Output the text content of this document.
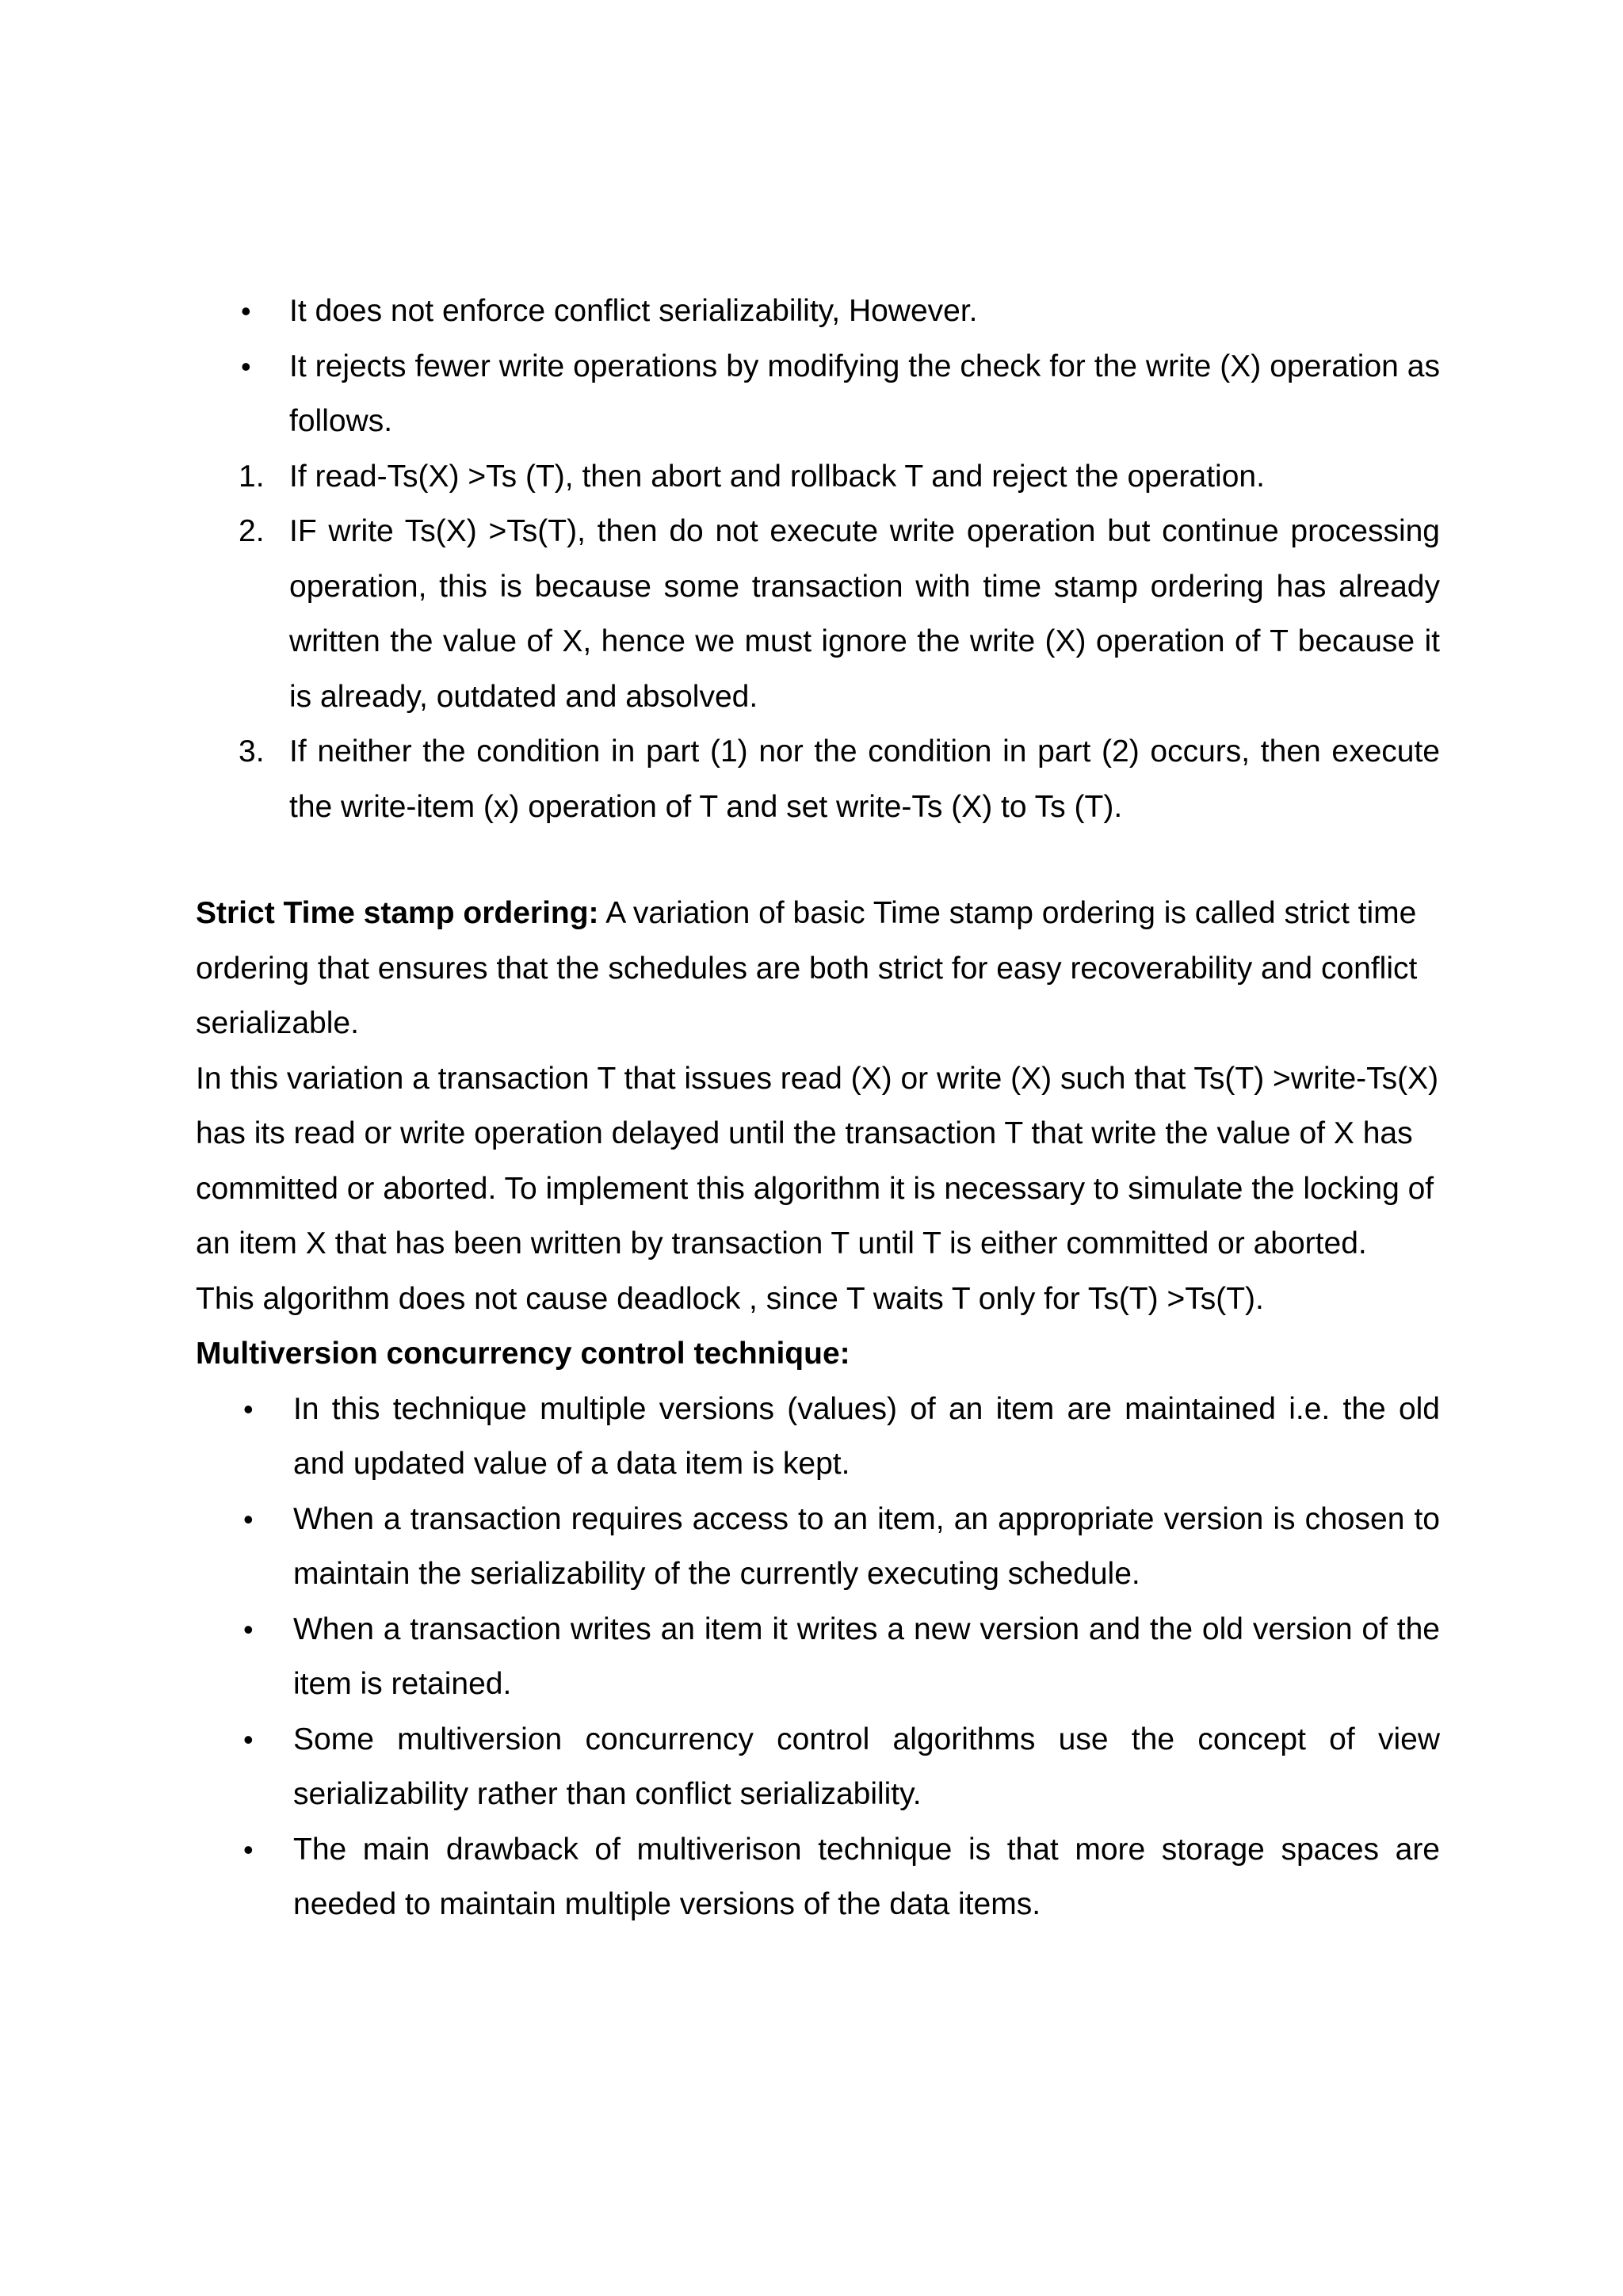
• It does not enforce conflict serializability, However.
• It rejects fewer write operations by modifying the check for the write (X) operation as follows.
1. If read-Ts(X) >Ts (T), then abort and rollback T and reject the operation.
2. IF write Ts(X) >Ts(T), then do not execute write operation but continue processing operation, this is because some transaction with time stamp ordering has already written the value of X, hence we must ignore the write (X) operation of T because it is already, outdated and absolved.
3. If neither the condition in part (1) nor the condition in part (2) occurs, then execute the write-item (x) operation of T and set write-Ts (X) to Ts (T).

Strict Time stamp ordering: A variation of basic Time stamp ordering is called strict time ordering that ensures that the schedules are both strict for easy recoverability and conflict serializable.

In this variation a transaction T that issues read (X) or write (X) such that Ts(T) >write-Ts(X) has its read or write operation delayed until the transaction T that write the value of X has committed or aborted. To implement this algorithm it is necessary to simulate the locking of an item X that has been written by transaction T until T is either committed or aborted.

This algorithm does not cause deadlock , since T waits T only for Ts(T) >Ts(T).

Multiversion concurrency control technique:

• In this technique multiple versions (values) of an item are maintained i.e. the old and updated value of a data item is kept.
• When a transaction requires access to an item, an appropriate version is chosen to maintain the serializability of the currently executing schedule.
• When a transaction writes an item it writes a new version and the old version of the item is retained.
• Some multiversion concurrency control algorithms use the concept of view serializability rather than conflict serializability.
• The main drawback of multiverison technique is that more storage spaces are needed to maintain multiple versions of the data items.
